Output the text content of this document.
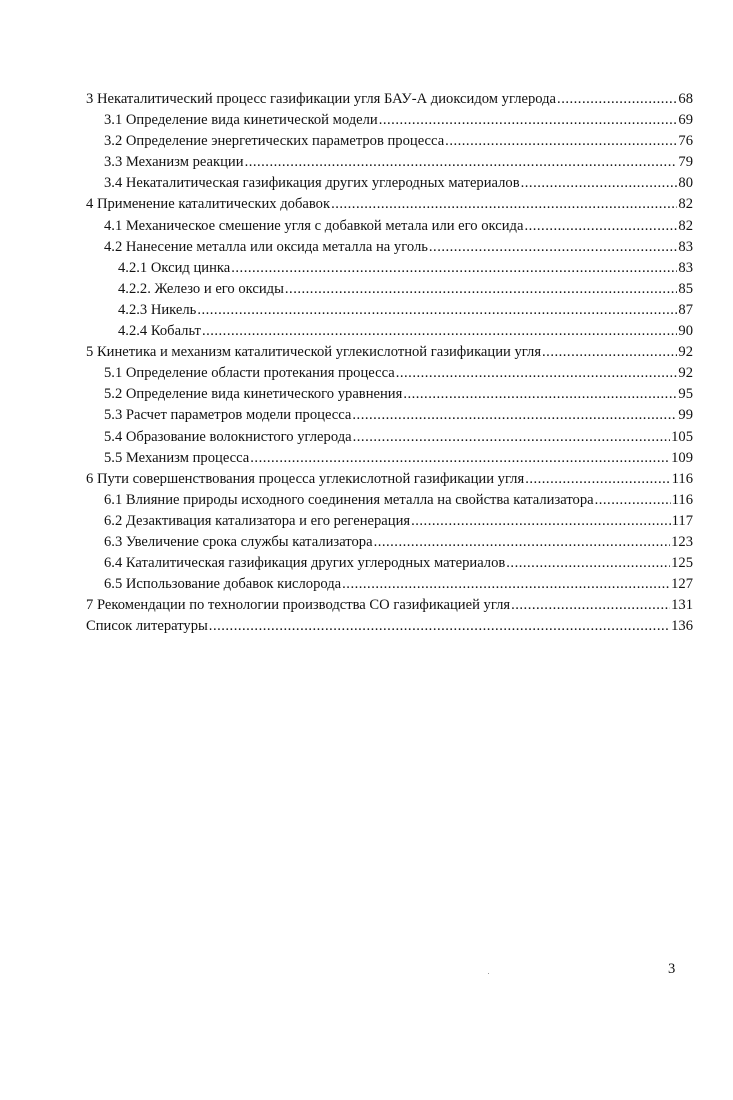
3 Некаталитический процесс газификации угля БАУ-А диоксидом углерода .....	68
3.1 Определение вида кинетической модели .....	69
3.2 Определение энергетических параметров процесса .....	76
3.3 Механизм реакции .....	79
3.4 Некаталитическая газификация других углеродных материалов .....	80
4 Применение каталитических добавок .....	82
4.1 Механическое смешение угля с добавкой метала или его оксида .....	82
4.2 Нанесение металла или оксида металла на уголь .....	83
4.2.1 Оксид цинка .....	83
4.2.2. Железо и его оксиды .....	85
4.2.3 Никель .....	87
4.2.4 Кобальт .....	90
5 Кинетика и механизм каталитической углекислотной газификации угля .....	92
5.1 Определение области протекания процесса .....	92
5.2 Определение вида кинетического уравнения .....	95
5.3 Расчет параметров модели процесса .....	99
5.4 Образование волокнистого углерода .....	105
5.5 Механизм процесса .....	109
6 Пути совершенствования процесса углекислотной газификации угля .....	116
6.1 Влияние природы исходного соединения металла на свойства катализатора .....	116
6.2 Дезактивация катализатора и его регенерация .....	117
6.3 Увеличение срока службы катализатора .....	123
6.4 Каталитическая газификация других углеродных материалов .....	125
6.5 Использование добавок кислорода .....	127
7 Рекомендации по технологии производства СО газификацией угля .....	131
Список литературы .....	136
3
